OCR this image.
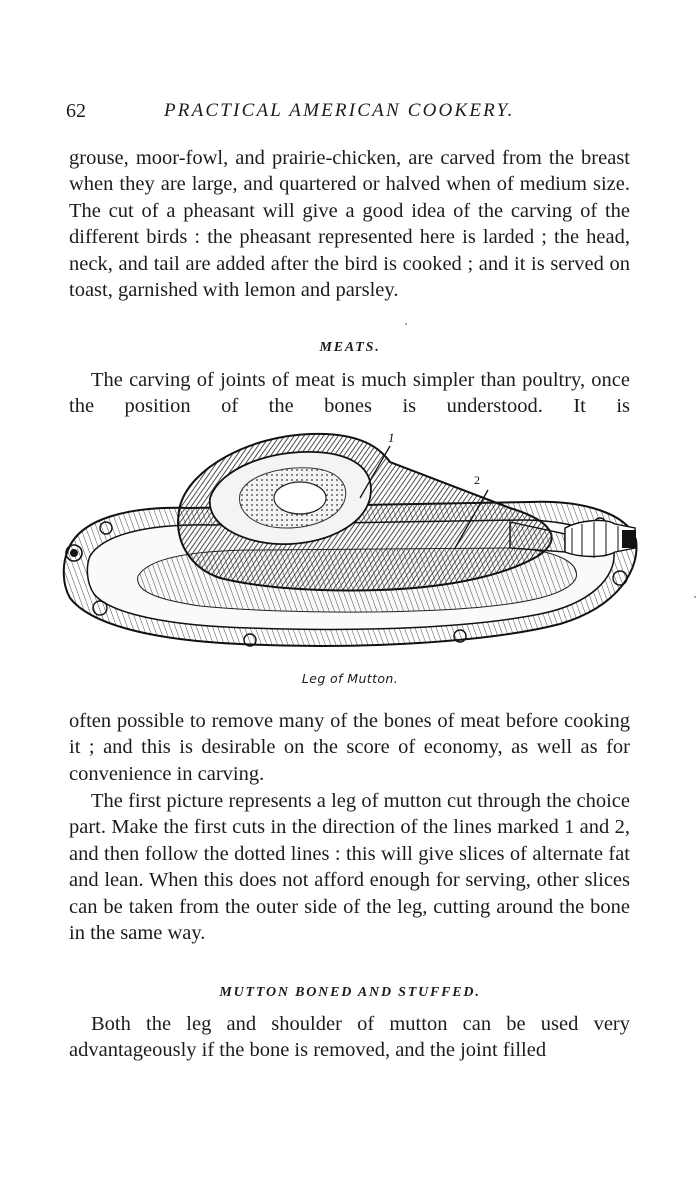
62	PRACTICAL AMERICAN COOKERY.

grouse, moor-fowl, and prairie-chicken, are carved from the breast when they are large, and quartered or halved when of medium size. The cut of a pheasant will give a good idea of the carving of the different birds : the pheasant represented here is larded ; the head, neck, and tail are added after the bird is cooked ; and it is served on toast, garnished with lemon and parsley.

MEATS.

The carving of joints of meat is much simpler than poultry, once the position of the bones is understood. It is

1
2
Leg of Mutton.

often possible to remove many of the bones of meat before cooking it ; and this is desirable on the score of economy, as well as for convenience in carving.

The first picture represents a leg of mutton cut through the choice part. Make the first cuts in the direction of the lines marked 1 and 2, and then follow the dotted lines : this will give slices of alternate fat and lean. When this does not afford enough for serving, other slices can be taken from the outer side of the leg, cutting around the bone in the same way.

MUTTON BONED AND STUFFED.

Both the leg and shoulder of mutton can be used very advantageously if the bone is removed, and the joint filled
